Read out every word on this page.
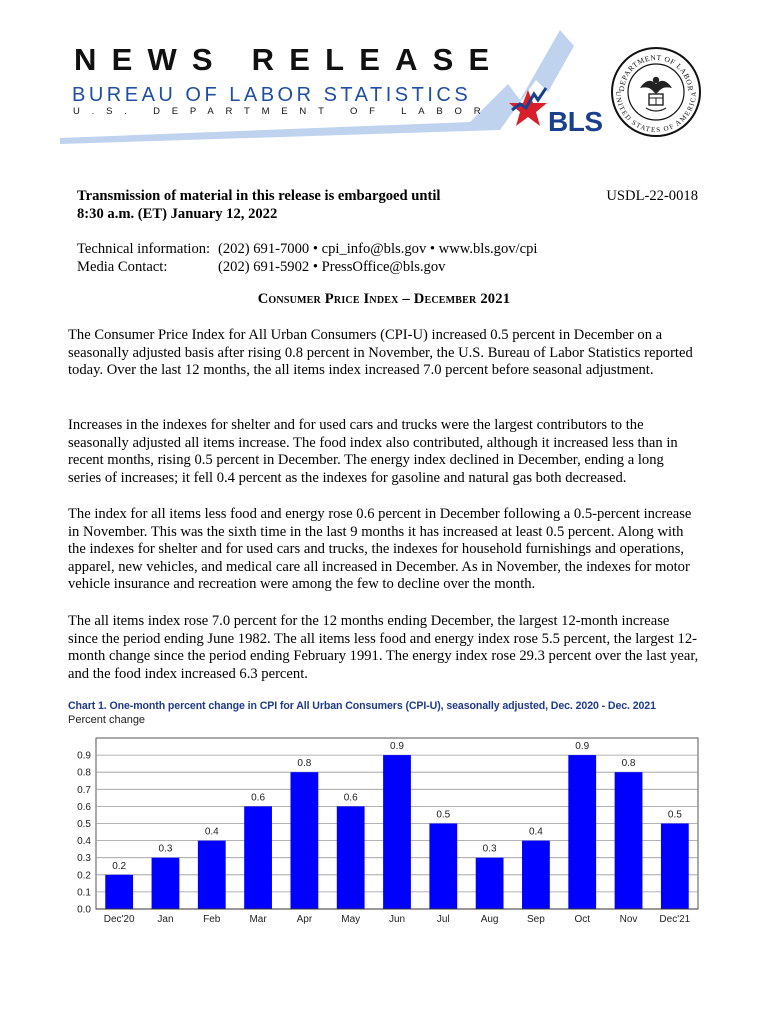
NEWS RELEASE
BUREAU OF LABOR STATISTICS
U.S. DEPARTMENT OF LABOR BLS
DEPARTMENT OF LABOR
UNITED STATES OF AMERICA
Transmission of material in this release is embargoed until
8:30 a.m. (ET) January 12, 2022
USDL-22-0018
Technical information: (202) 691-7000 • cpi_info@bls.gov • www.bls.gov/cpi
Media Contact:	(202) 691-5902 • PressOffice@bls.gov
Consumer Price Index – December 2021

The Consumer Price Index for All Urban Consumers (CPI-U) increased 0.5 percent in December on a seasonally adjusted basis after rising 0.8 percent in November, the U.S. Bureau of Labor Statistics reported today. Over the last 12 months, the all items index increased 7.0 percent before seasonal adjustment.

Increases in the indexes for shelter and for used cars and trucks were the largest contributors to the seasonally adjusted all items increase. The food index also contributed, although it increased less than in recent months, rising 0.5 percent in December. The energy index declined in December, ending a long series of increases; it fell 0.4 percent as the indexes for gasoline and natural gas both decreased.

The index for all items less food and energy rose 0.6 percent in December following a 0.5-percent increase in November. This was the sixth time in the last 9 months it has increased at least 0.5 percent. Along with the indexes for shelter and for used cars and trucks, the indexes for household furnishings and operations, apparel, new vehicles, and medical care all increased in December. As in November, the indexes for motor vehicle insurance and recreation were among the few to decline over the month.

The all items index rose 7.0 percent for the 12 months ending December, the largest 12-month increase since the period ending June 1982. The all items less food and energy index rose 5.5 percent, the largest 12-month change since the period ending February 1991. The energy index rose 29.3 percent over the last year, and the food index increased 6.3 percent.

Chart 1. One-month percent change in CPI for All Urban Consumers (CPI-U), seasonally adjusted, Dec. 2020 - Dec. 2021
Percent change
0.0
0.1
0.2
0.3
0.4
0.5
0.6
0.7
0.8
0.9
0.2
Dec'20
0.3
Jan
0.4
Feb
0.6
Mar
0.8
Apr
0.6
May
0.9
Jun
0.5
Jul
0.3
Aug
0.4
Sep
0.9
Oct
0.8
Nov
0.5
Dec'21
